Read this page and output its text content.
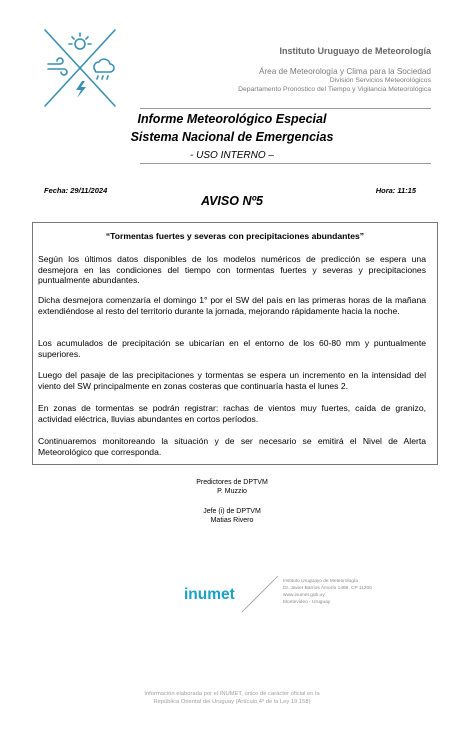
Instituto Uruguayo de Meteorología
Área de Meteorología y Clima para la Sociedad
División Servicios Meteorológicos
Departamento Pronóstico del Tiempo y Vigilancia Meteorológica
Informe Meteorológico Especial
Sistema Nacional de Emergencias
- USO INTERNO –
Fecha: 29/11/2024	Hora: 11:15
AVISO Nº5
“Tormentas fuertes y severas con precipitaciones abundantes”
Según los últimos datos disponibles de los modelos numéricos de predicción se espera una desmejora en las condiciones del tiempo con tormentas fuertes y severas y precipitaciones puntualmente abundantes.
Dicha desmejora comenzaría el domingo 1° por el SW del país en las primeras horas de la mañana extendiéndose al resto del territorio durante la jornada, mejorando rápidamente hacia la noche.
Los acumulados de precipitación se ubicarían en el entorno de los 60-80 mm y puntualmente superiores.
Luego del pasaje de las precipitaciones y tormentas se espera un incremento en la intensidad del viento del SW principalmente en zonas costeras que continuaría hasta el lunes 2.
En zonas de tormentas se podrán registrar: rachas de vientos muy fuertes, caída de granizo, actividad eléctrica, lluvias abundantes en cortos períodos.
Continuaremos monitoreando la situación y de ser necesario se emitirá el Nivel de Alerta Meteorológico que corresponda.
Predictores de DPTVM
P. Muzzio
Jefe (i) de DPTVM
Matias Rivero
inumet
Instituto Uruguayo de Meteorología
Dr. Javier Barrios Amorín 1488. CP 11200
www.inumet.gub.uy
Montevideo - Uruguay
Información elaborada por el INUMET, único de carácter oficial en la
República Oriental del Uruguay (Artículo 4º de la Ley 19.158)
